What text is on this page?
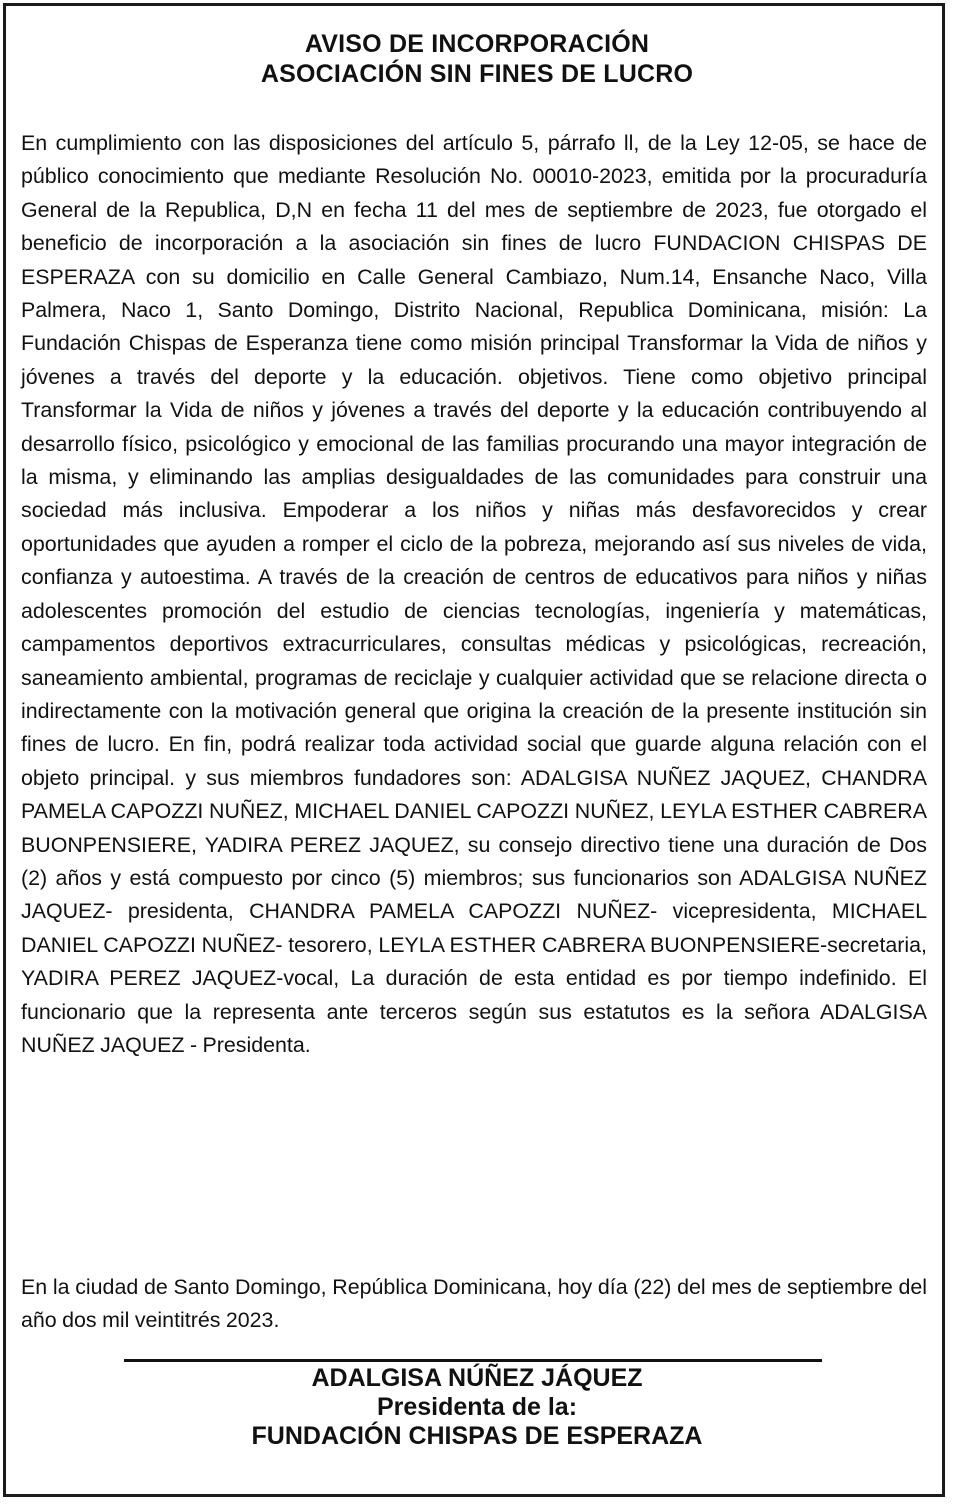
AVISO DE INCORPORACIÓN
ASOCIACIÓN SIN FINES DE LUCRO
En cumplimiento con las disposiciones del artículo 5, párrafo ll, de la Ley 12-05, se hace de público conocimiento que mediante Resolución No. 00010-2023, emitida por la procuraduría General de la Republica, D,N en fecha 11 del mes de septiembre de 2023, fue otorgado el beneficio de incorporación a la asociación sin fines de lucro FUNDACION CHISPAS DE ESPERAZA con su domicilio en Calle General Cambiazo, Num.14, Ensanche Naco, Villa Palmera, Naco 1, Santo Domingo, Distrito Nacional, Republica Dominicana, misión: La Fundación Chispas de Esperanza tiene como misión principal Transformar la Vida de niños y jóvenes a través del deporte y la educación. objetivos. Tiene como objetivo principal Transformar la Vida de niños y jóvenes a través del deporte y la educación contribuyendo al desarrollo físico, psicológico y emocional de las familias procurando una mayor integración de la misma, y eliminando las amplias desigualdades de las comunidades para construir una sociedad más inclusiva. Empoderar a los niños y niñas más desfavorecidos y crear oportunidades que ayuden a romper el ciclo de la pobreza, mejorando así sus niveles de vida, confianza y autoestima. A través de la creación de centros de educativos para niños y niñas adolescentes promoción del estudio de ciencias tecnologías, ingeniería y matemáticas, campamentos deportivos extracurriculares, consultas médicas y psicológicas, recreación, saneamiento ambiental, programas de reciclaje y cualquier actividad que se relacione directa o indirectamente con la motivación general que origina la creación de la presente institución sin fines de lucro. En fin, podrá realizar toda actividad social que guarde alguna relación con el objeto principal. y sus miembros fundadores son: ADALGISA NUÑEZ JAQUEZ, CHANDRA PAMELA CAPOZZI NUÑEZ, MICHAEL DANIEL CAPOZZI NUÑEZ, LEYLA ESTHER CABRERA BUONPENSIERE, YADIRA PEREZ JAQUEZ, su consejo directivo tiene una duración de Dos (2) años y está compuesto por cinco (5) miembros; sus funcionarios son ADALGISA NUÑEZ JAQUEZ- presidenta, CHANDRA PAMELA CAPOZZI NUÑEZ- vicepresidenta, MICHAEL DANIEL CAPOZZI NUÑEZ- tesorero, LEYLA ESTHER CABRERA BUONPENSIERE-secretaria, YADIRA PEREZ JAQUEZ-vocal, La duración de esta entidad es por tiempo indefinido. El funcionario que la representa ante terceros según sus estatutos es la señora ADALGISA NUÑEZ JAQUEZ - Presidenta.
En la ciudad de Santo Domingo, República Dominicana, hoy día (22) del mes de septiembre del año dos mil veintitrés 2023.
ADALGISA NÚÑEZ JÁQUEZ
Presidenta de la:
FUNDACIÓN CHISPAS DE ESPERAZA
